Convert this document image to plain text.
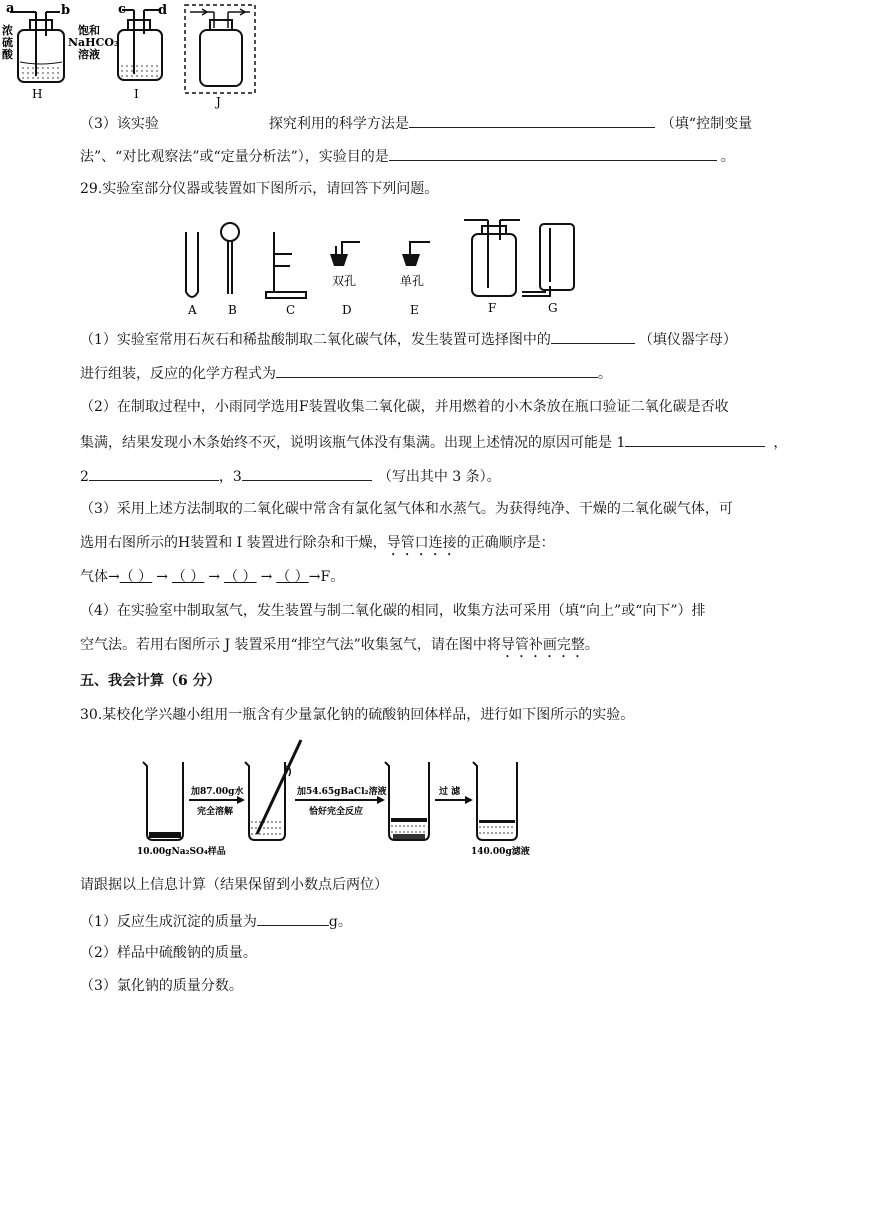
a	b
H
浓
硫
酸
c d
I
饱和
NaHCO₃
溶液
J
（3）该实验	探究利用的科学方法是	（填“控制变量
法”、“对比观察法”或“定量分析法”），实验目的是	。
29.实验室部分仪器或装置如下图所示，请回答下列问题。
双孔	单孔
A	B	C	D	E	F	G
（1）实验室常用石灰石和稀盐酸制取二氧化碳气体，发生装置可选择图中的	（填仪器字母）
进行组装，反应的化学方程式为	。
（2）在制取过程中，小雨同学选用F装置收集二氧化碳，并用燃着的小木条放在瓶口验证二氧化碳是否收
集满，结果发现小木条始终不灭，说明该瓶气体没有集满。出现上述情况的原因可能是 1	，
2	，3	（写出其中 3 条）。
（3）采用上述方法制取的二氧化碳中常含有氯化氢气体和水蒸气。为获得纯净、干燥的二氧化碳气体，可
选用右图所示的H装置和 I 装置进行除杂和干燥，导管口连接的正确顺序是：
气体→（ ） → （ ） → （ ） → （ ）→F。
（4）在实验室中制取氢气，发生装置与制二氧化碳的相同，收集方法可采用（填“向上”或“向下”）排
空气法。若用右图所示 J 装置采用“排空气法”收集氢气，请在图中将导管补画完整。
五、我会计算（6 分）
30.某校化学兴趣小组用一瓶含有少量氯化钠的硫酸钠回体样品，进行如下图所示的实验。
10.00gNa₂SO₄样品
加87.00g水
完全溶解
加54.65gBaCl₂溶液
恰好完全反应
过 滤
140.00g滤液
请跟据以上信息计算（结果保留到小数点后两位）
（1）反应生成沉淀的质量为	g。
（2）样品中硫酸钠的质量。
（3）氯化钠的质量分数。
